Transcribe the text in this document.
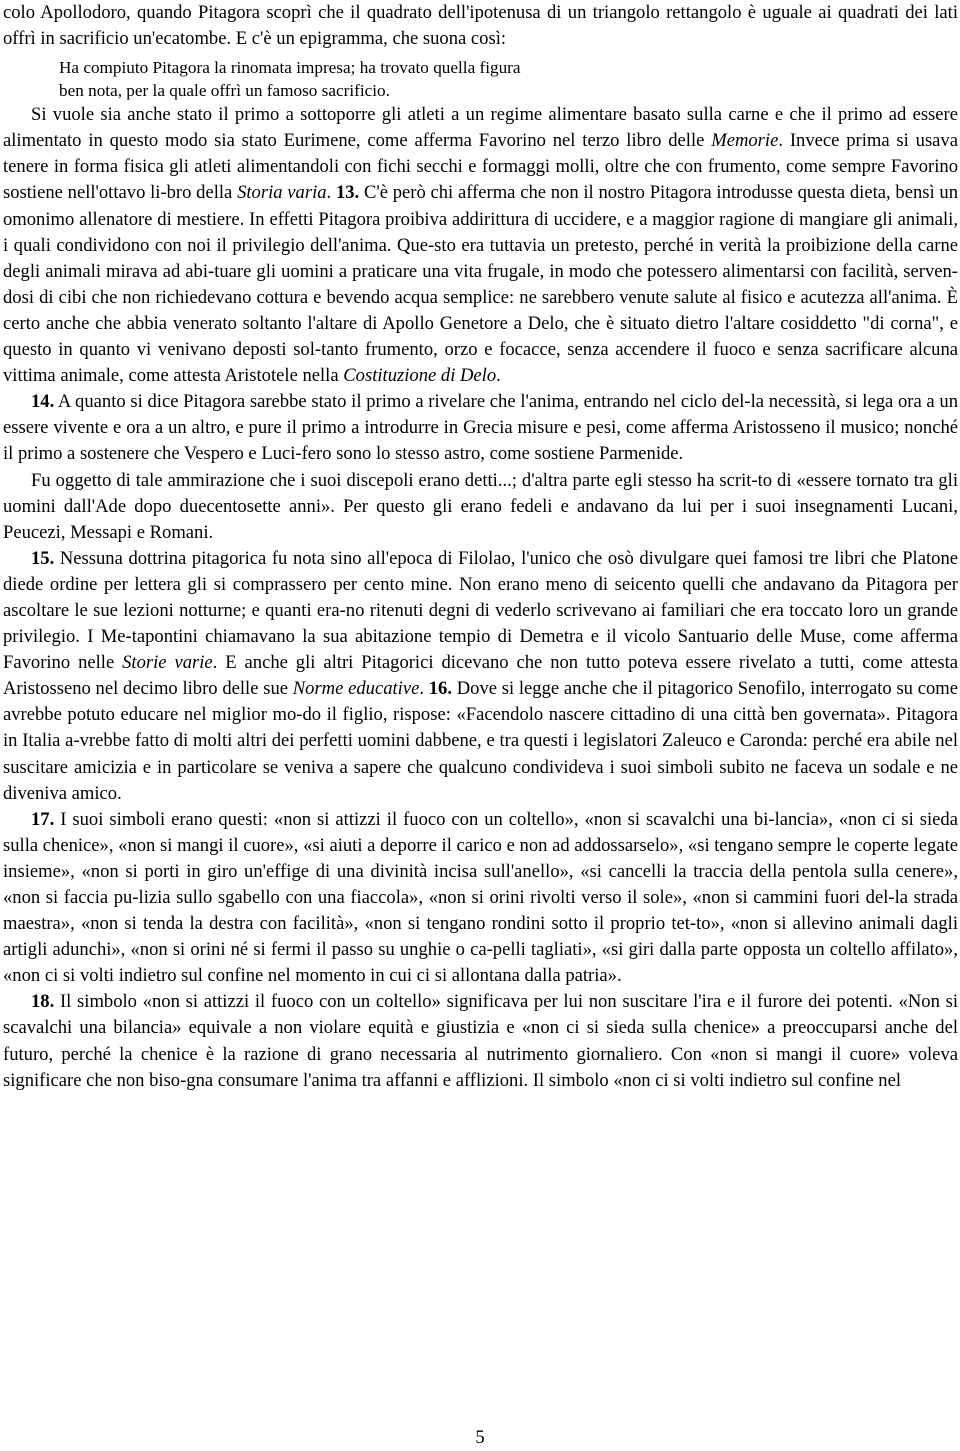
colo Apollodoro, quando Pitagora scoprì che il quadrato dell'ipotenusa di un triangolo rettangolo è uguale ai quadrati dei lati offrì in sacrificio un'ecatombe. E c'è un epigramma, che suona così:

Ha compiuto Pitagora la rinomata impresa; ha trovato quella figura
ben nota, per la quale offrì un famoso sacrificio.

Si vuole sia anche stato il primo a sottoporre gli atleti a un regime alimentare basato sulla carne e che il primo ad essere alimentato in questo modo sia stato Eurimene, come afferma Favorino nel terzo libro delle Memorie. Invece prima si usava tenere in forma fisica gli atleti alimentandoli con fichi secchi e formaggi molli, oltre che con frumento, come sempre Favorino sostiene nell'ottavo li-bro della Storia varia. 13. C'è però chi afferma che non il nostro Pitagora introdusse questa dieta, bensì un omonimo allenatore di mestiere. In effetti Pitagora proibiva addirittura di uccidere, e a maggior ragione di mangiare gli animali, i quali condividono con noi il privilegio dell'anima. Que-sto era tuttavia un pretesto, perché in verità la proibizione della carne degli animali mirava ad abi-tuare gli uomini a praticare una vita frugale, in modo che potessero alimentarsi con facilità, serven-dosi di cibi che non richiedevano cottura e bevendo acqua semplice: ne sarebbero venute salute al fisico e acutezza all'anima. È certo anche che abbia venerato soltanto l'altare di Apollo Genetore a Delo, che è situato dietro l'altare cosiddetto "di corna", e questo in quanto vi venivano deposti sol-tanto frumento, orzo e focacce, senza accendere il fuoco e senza sacrificare alcuna vittima animale, come attesta Aristotele nella Costituzione di Delo.

14. A quanto si dice Pitagora sarebbe stato il primo a rivelare che l'anima, entrando nel ciclo del-la necessità, si lega ora a un essere vivente e ora a un altro, e pure il primo a introdurre in Grecia misure e pesi, come afferma Aristosseno il musico; nonché il primo a sostenere che Vespero e Luci-fero sono lo stesso astro, come sostiene Parmenide.

Fu oggetto di tale ammirazione che i suoi discepoli erano detti...; d'altra parte egli stesso ha scrit-to di «essere tornato tra gli uomini dall'Ade dopo duecentosette anni». Per questo gli erano fedeli e andavano da lui per i suoi insegnamenti Lucani, Peucezi, Messapi e Romani.

15. Nessuna dottrina pitagorica fu nota sino all'epoca di Filolao, l'unico che osò divulgare quei famosi tre libri che Platone diede ordine per lettera gli si comprassero per cento mine. Non erano meno di seicento quelli che andavano da Pitagora per ascoltare le sue lezioni notturne; e quanti era-no ritenuti degni di vederlo scrivevano ai familiari che era toccato loro un grande privilegio. I Me-tapontini chiamavano la sua abitazione tempio di Demetra e il vicolo Santuario delle Muse, come afferma Favorino nelle Storie varie. E anche gli altri Pitagorici dicevano che non tutto poteva essere rivelato a tutti, come attesta Aristosseno nel decimo libro delle sue Norme educative. 16. Dove si legge anche che il pitagorico Senofilo, interrogato su come avrebbe potuto educare nel miglior mo-do il figlio, rispose: «Facendolo nascere cittadino di una città ben governata». Pitagora in Italia a-vrebbe fatto di molti altri dei perfetti uomini dabbene, e tra questi i legislatori Zaleuco e Caronda: perché era abile nel suscitare amicizia e in particolare se veniva a sapere che qualcuno condivideva i suoi simboli subito ne faceva un sodale e ne diveniva amico.

17. I suoi simboli erano questi: «non si attizzi il fuoco con un coltello», «non si scavalchi una bi-lancia», «non ci si sieda sulla chenice», «non si mangi il cuore», «si aiuti a deporre il carico e non ad addossarselo», «si tengano sempre le coperte legate insieme», «non si porti in giro un'effige di una divinità incisa sull'anello», «si cancelli la traccia della pentola sulla cenere», «non si faccia pu-lizia sullo sgabello con una fiaccola», «non si orini rivolti verso il sole», «non si cammini fuori del-la strada maestra», «non si tenda la destra con facilità», «non si tengano rondini sotto il proprio tet-to», «non si allevino animali dagli artigli adunchi», «non si orini né si fermi il passo su unghie o ca-pelli tagliati», «si giri dalla parte opposta un coltello affilato», «non ci si volti indietro sul confine nel momento in cui ci si allontana dalla patria».

18. Il simbolo «non si attizzi il fuoco con un coltello» significava per lui non suscitare l'ira e il furore dei potenti. «Non si scavalchi una bilancia» equivale a non violare equità e giustizia e «non ci si sieda sulla chenice» a preoccuparsi anche del futuro, perché la chenice è la razione di grano necessaria al nutrimento giornaliero. Con «non si mangi il cuore» voleva significare che non biso-gna consumare l'anima tra affanni e afflizioni. Il simbolo «non ci si volti indietro sul confine nel

5
